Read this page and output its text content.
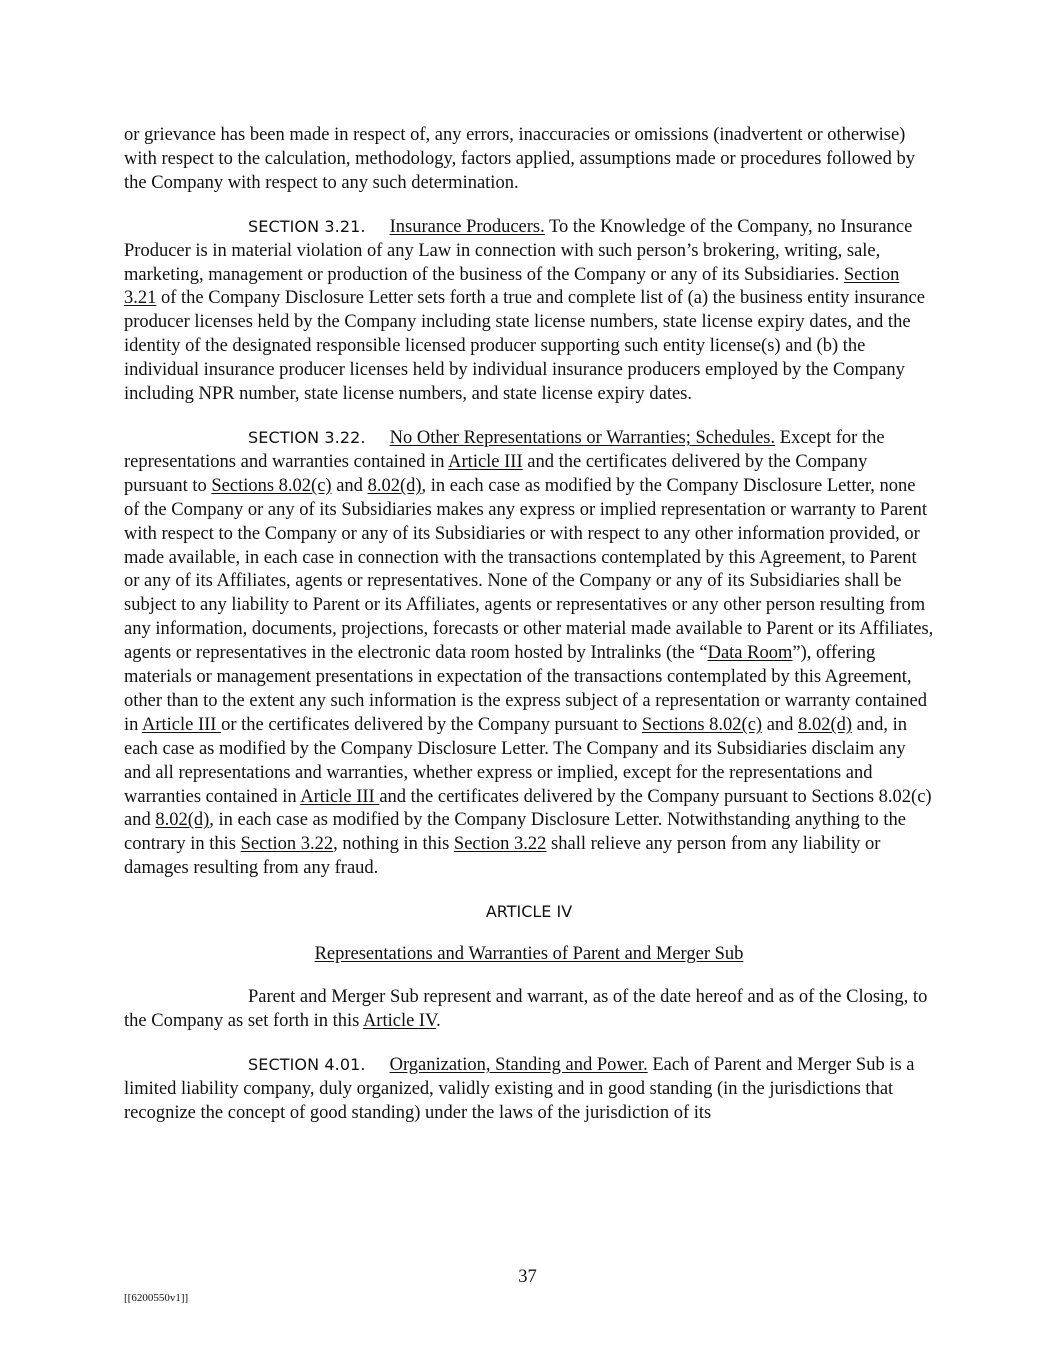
or grievance has been made in respect of, any errors, inaccuracies or omissions (inadvertent or otherwise) with respect to the calculation, methodology, factors applied, assumptions made or procedures followed by the Company with respect to any such determination.

SECTION 3.21. Insurance Producers. To the Knowledge of the Company, no Insurance Producer is in material violation of any Law in connection with such person’s brokering, writing, sale, marketing, management or production of the business of the Company or any of its Subsidiaries. Section 3.21 of the Company Disclosure Letter sets forth a true and complete list of (a) the business entity insurance producer licenses held by the Company including state license numbers, state license expiry dates, and the identity of the designated responsible licensed producer supporting such entity license(s) and (b) the individual insurance producer licenses held by individual insurance producers employed by the Company including NPR number, state license numbers, and state license expiry dates.

SECTION 3.22. No Other Representations or Warranties; Schedules. Except for the representations and warranties contained in Article III and the certificates delivered by the Company pursuant to Sections 8.02(c) and 8.02(d), in each case as modified by the Company Disclosure Letter, none of the Company or any of its Subsidiaries makes any express or implied representation or warranty to Parent with respect to the Company or any of its Subsidiaries or with respect to any other information provided, or made available, in each case in connection with the transactions contemplated by this Agreement, to Parent or any of its Affiliates, agents or representatives. None of the Company or any of its Subsidiaries shall be subject to any liability to Parent or its Affiliates, agents or representatives or any other person resulting from any information, documents, projections, forecasts or other material made available to Parent or its Affiliates, agents or representatives in the electronic data room hosted by Intralinks (the “Data Room”), offering materials or management presentations in expectation of the transactions contemplated by this Agreement, other than to the extent any such information is the express subject of a representation or warranty contained in Article III or the certificates delivered by the Company pursuant to Sections 8.02(c) and 8.02(d) and, in each case as modified by the Company Disclosure Letter. The Company and its Subsidiaries disclaim any and all representations and warranties, whether express or implied, except for the representations and warranties contained in Article III and the certificates delivered by the Company pursuant to Sections 8.02(c) and 8.02(d), in each case as modified by the Company Disclosure Letter. Notwithstanding anything to the contrary in this Section 3.22, nothing in this Section 3.22 shall relieve any person from any liability or damages resulting from any fraud.

ARTICLE IV

Representations and Warranties of Parent and Merger Sub

Parent and Merger Sub represent and warrant, as of the date hereof and as of the Closing, to the Company as set forth in this Article IV.

SECTION 4.01. Organization, Standing and Power. Each of Parent and Merger Sub is a limited liability company, duly organized, validly existing and in good standing (in the jurisdictions that recognize the concept of good standing) under the laws of the jurisdiction of its

37
[[6200550v1]]
